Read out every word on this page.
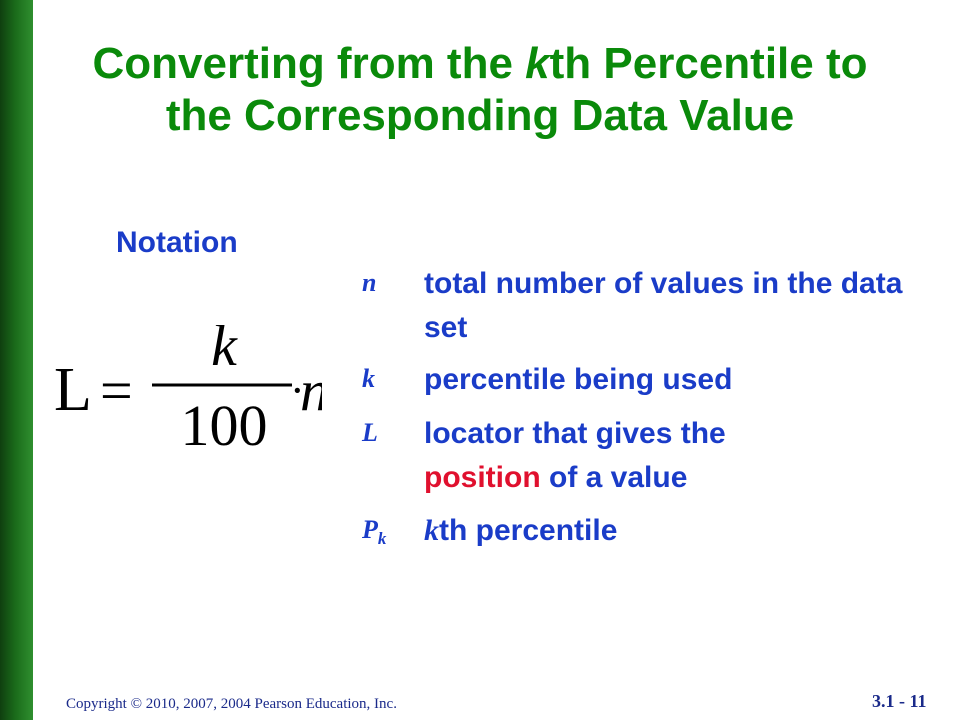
Converting from the kth Percentile to
the Corresponding Data Value
Notation
L =
k
100
·
n	total number of values in the data set
k	percentile being used
L	locator that gives the
position of a value
$P_k$	kth percentile
Copyright © 2010, 2007, 2004 Pearson Education, Inc.	3.1 - 11
